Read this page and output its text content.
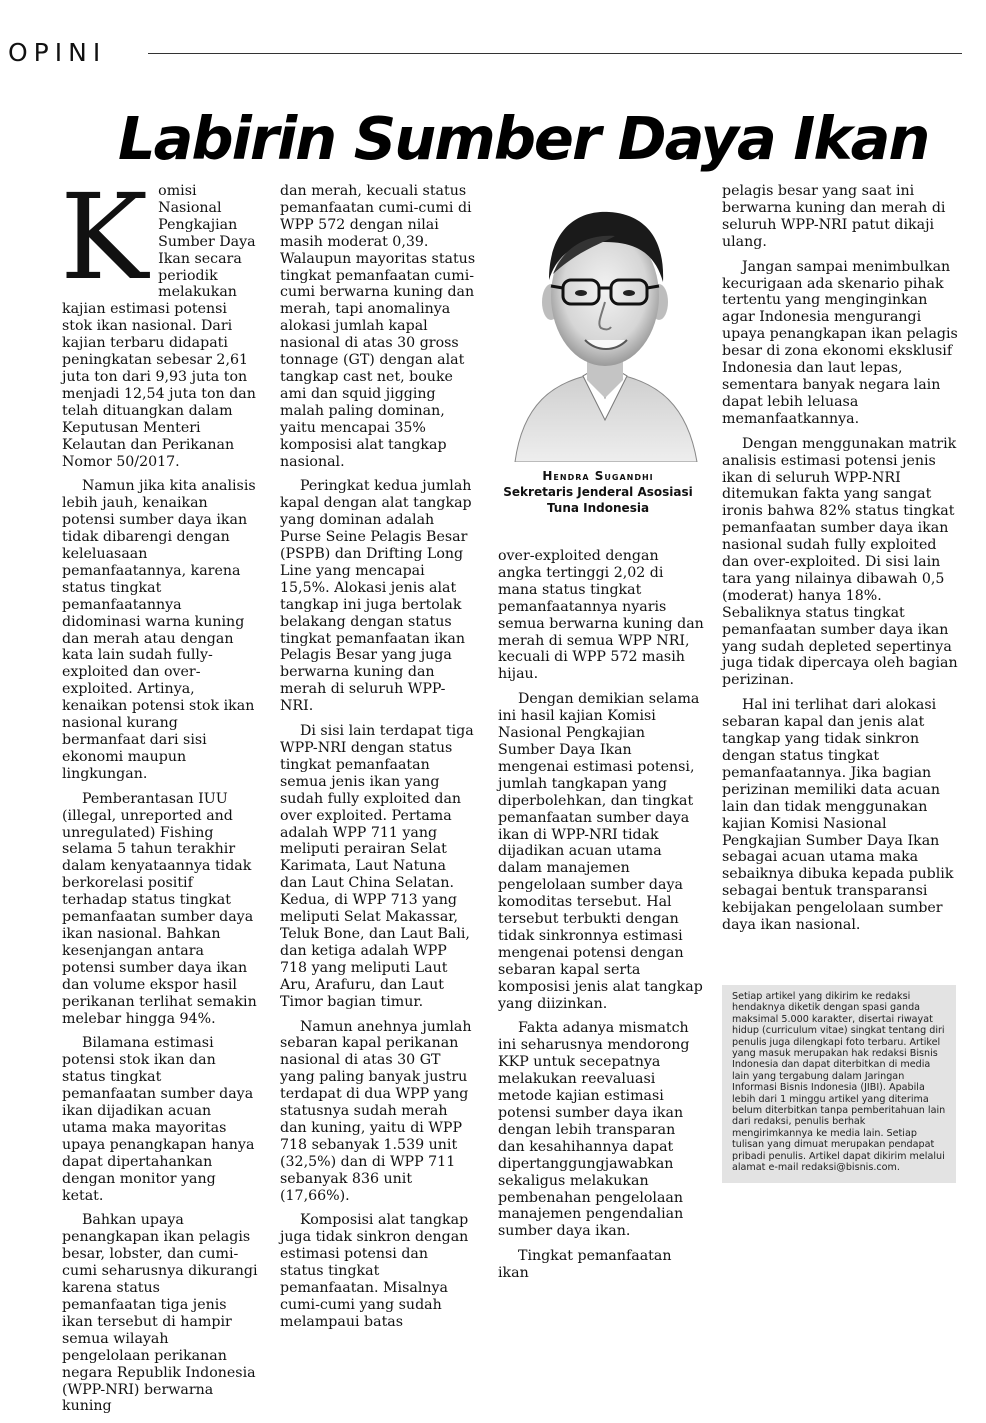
OPINI
Labirin Sumber Daya Ikan

Komisi Nasional Pengkajian Sumber Daya Ikan secara periodik melakukan kajian estimasi potensi stok ikan nasional. Dari kajian terbaru didapati peningkatan sebesar 2,61 juta ton dari 9,93 juta ton menjadi 12,54 juta ton dan telah dituangkan dalam Keputusan Menteri Kelautan dan Perikanan Nomor 50/2017.

Namun jika kita analisis lebih jauh, kenaikan potensi sumber daya ikan tidak dibarengi dengan keleluasaan pemanfaatannya, karena status tingkat pemanfaatannya didominasi warna kuning dan merah atau dengan kata lain sudah fully-exploited dan over-exploited. Artinya, kenaikan potensi stok ikan nasional kurang bermanfaat dari sisi ekonomi maupun lingkungan.

Pemberantasan IUU (illegal, unreported and unregulated) Fishing selama 5 tahun terakhir dalam kenyataannya tidak berkorelasi positif terhadap status tingkat pemanfaatan sumber daya ikan nasional. Bahkan kesenjangan antara potensi sumber daya ikan dan volume ekspor hasil perikanan terlihat semakin melebar hingga 94%.

Bilamana estimasi potensi stok ikan dan status tingkat pemanfaatan sumber daya ikan dijadikan acuan utama maka mayoritas upaya penangkapan hanya dapat dipertahankan dengan monitor yang ketat.

Bahkan upaya penangkapan ikan pelagis besar, lobster, dan cumi-cumi seharusnya dikurangi karena status pemanfaatan tiga jenis ikan tersebut di hampir semua wilayah pengelolaan perikanan negara Republik Indonesia (WPP-NRI) berwarna kuning

dan merah, kecuali status pemanfaatan cumi-cumi di WPP 572 dengan nilai masih moderat 0,39. Walaupun mayoritas status tingkat pemanfaatan cumi-cumi berwarna kuning dan merah, tapi anomalinya alokasi jumlah kapal nasional di atas 30 gross tonnage (GT) dengan alat tangkap cast net, bouke ami dan squid jigging malah paling dominan, yaitu mencapai 35% komposisi alat tangkap nasional.

Peringkat kedua jumlah kapal dengan alat tangkap yang dominan adalah Purse Seine Pelagis Besar (PSPB) dan Drifting Long Line yang mencapai 15,5%. Alokasi jenis alat tangkap ini juga bertolak belakang dengan status tingkat pemanfaatan ikan Pelagis Besar yang juga berwarna kuning dan merah di seluruh WPP-NRI.

Di sisi lain terdapat tiga WPP-NRI dengan status tingkat pemanfaatan semua jenis ikan yang sudah fully exploited dan over exploited. Pertama adalah WPP 711 yang meliputi perairan Selat Karimata, Laut Natuna dan Laut China Selatan. Kedua, di WPP 713 yang meliputi Selat Makassar, Teluk Bone, dan Laut Bali, dan ketiga adalah WPP 718 yang meliputi Laut Aru, Arafuru, dan Laut Timor bagian timur.

Namun anehnya jumlah sebaran kapal perikanan nasional di atas 30 GT yang paling banyak justru terdapat di dua WPP yang statusnya sudah merah dan kuning, yaitu di WPP 718 sebanyak 1.539 unit (32,5%) dan di WPP 711 sebanyak 836 unit (17,66%).

Komposisi alat tangkap juga tidak sinkron dengan estimasi potensi dan status tingkat pemanfaatan. Misalnya cumi-cumi yang sudah melampaui batas

Hendra Sugandhi
Sekretaris Jenderal Asosiasi Tuna Indonesia

over-exploited dengan angka tertinggi 2,02 di mana status tingkat pemanfaatannya nyaris semua berwarna kuning dan merah di semua WPP NRI, kecuali di WPP 572 masih hijau.

Dengan demikian selama ini hasil kajian Komisi Nasional Pengkajian Sumber Daya Ikan mengenai estimasi potensi, jumlah tangkapan yang diperbolehkan, dan tingkat pemanfaatan sumber daya ikan di WPP-NRI tidak dijadikan acuan utama dalam manajemen pengelolaan sumber daya komoditas tersebut. Hal tersebut terbukti dengan tidak sinkronnya estimasi mengenai potensi dengan sebaran kapal serta komposisi jenis alat tangkap yang diizinkan.

Fakta adanya mismatch ini seharusnya mendorong KKP untuk secepatnya melakukan reevaluasi metode kajian estimasi potensi sumber daya ikan dengan lebih transparan dan kesahihannya dapat dipertanggungjawabkan sekaligus melakukan pembenahan pengelolaan manajemen pengendalian sumber daya ikan.

Tingkat pemanfaatan ikan

pelagis besar yang saat ini berwarna kuning dan merah di seluruh WPP-NRI patut dikaji ulang.

Jangan sampai menimbulkan kecurigaan ada skenario pihak tertentu yang menginginkan agar Indonesia mengurangi upaya penangkapan ikan pelagis besar di zona ekonomi eksklusif Indonesia dan laut lepas, sementara banyak negara lain dapat lebih leluasa memanfaatkannya.

Dengan menggunakan matrik analisis estimasi potensi jenis ikan di seluruh WPP-NRI ditemukan fakta yang sangat ironis bahwa 82% status tingkat pemanfaatan sumber daya ikan nasional sudah fully exploited dan over-exploited. Di sisi lain tara yang nilainya dibawah 0,5 (moderat) hanya 18%. Sebaliknya status tingkat pemanfaatan sumber daya ikan yang sudah depleted sepertinya juga tidak dipercaya oleh bagian perizinan.

Hal ini terlihat dari alokasi sebaran kapal dan jenis alat tangkap yang tidak sinkron dengan status tingkat pemanfaatannya. Jika bagian perizinan memiliki data acuan lain dan tidak menggunakan kajian Komisi Nasional Pengkajian Sumber Daya Ikan sebagai acuan utama maka sebaiknya dibuka kepada publik sebagai bentuk transparansi kebijakan pengelolaan sumber daya ikan nasional.

Setiap artikel yang dikirim ke redaksi hendaknya diketik dengan spasi ganda maksimal 5.000 karakter, disertai riwayat hidup (curriculum vitae) singkat tentang diri penulis juga dilengkapi foto terbaru. Artikel yang masuk merupakan hak redaksi Bisnis Indonesia dan dapat diterbitkan di media lain yang tergabung dalam Jaringan Informasi Bisnis Indonesia (JIBI). Apabila lebih dari 1 minggu artikel yang diterima belum diterbitkan tanpa pemberitahuan lain dari redaksi, penulis berhak mengirimkannya ke media lain. Setiap tulisan yang dimuat merupakan pendapat pribadi penulis. Artikel dapat dikirim melalui alamat e-mail redaksi@bisnis.com.
